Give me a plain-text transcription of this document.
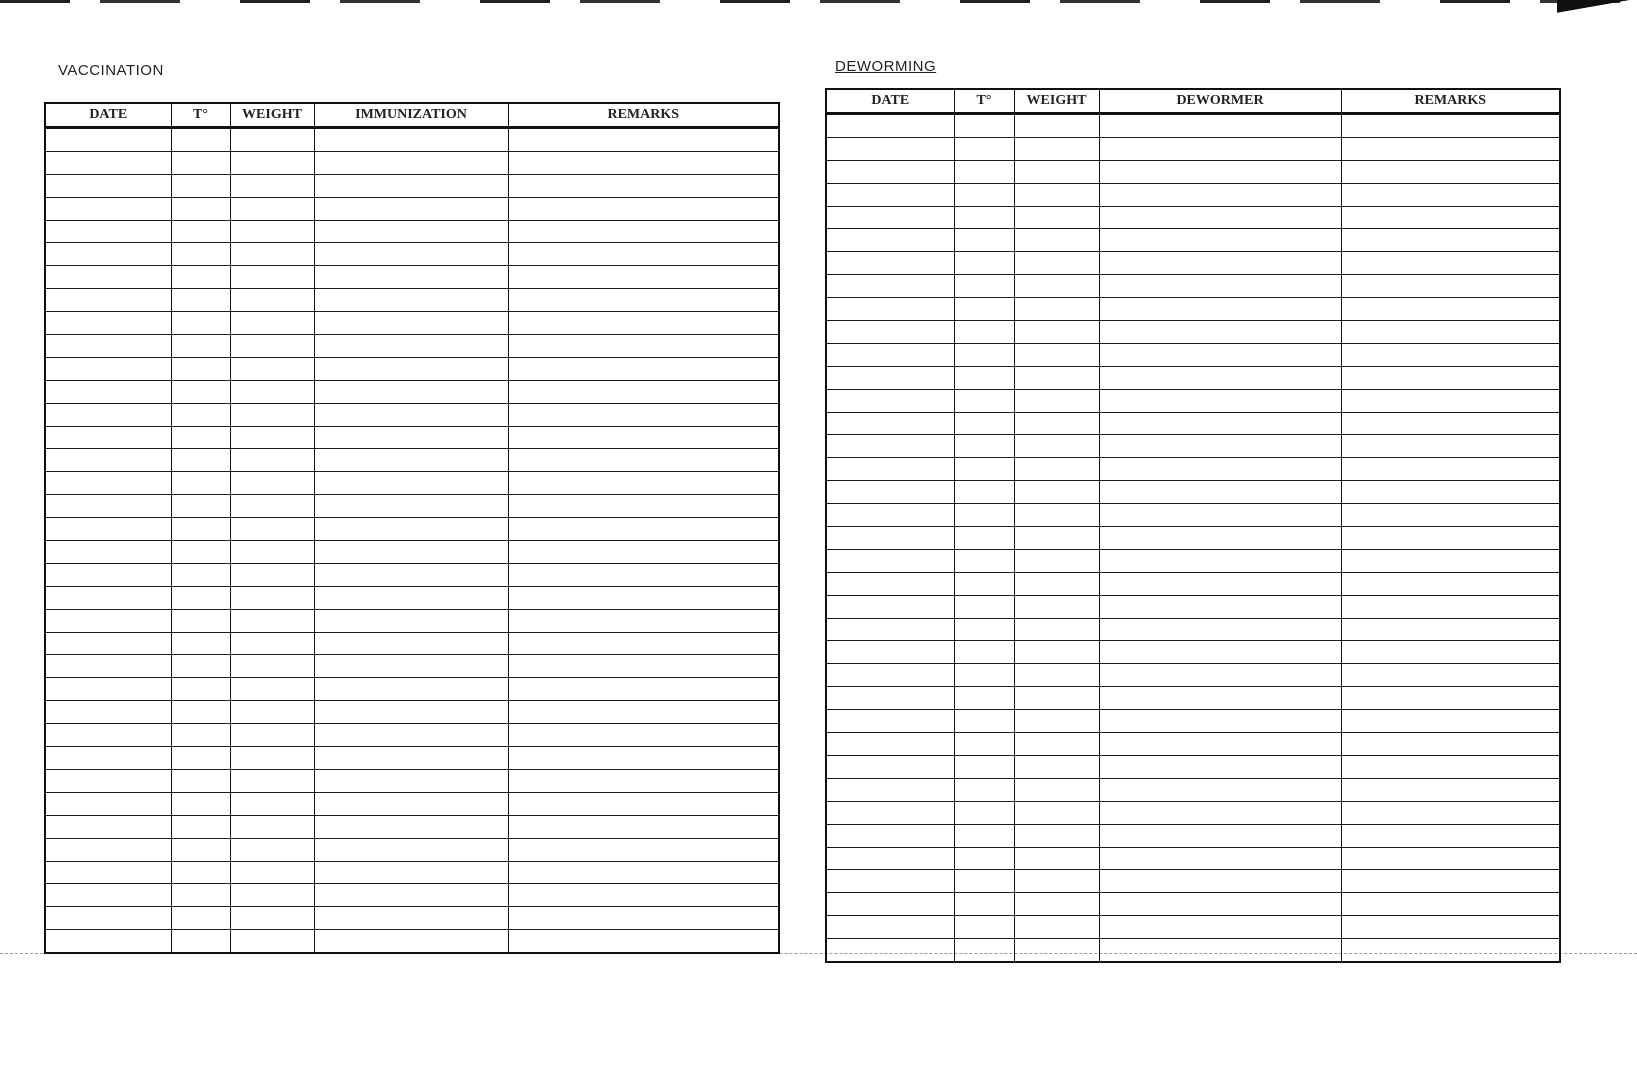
VACCINATION
DATE	T°	WEIGHT	IMMUNIZATION	REMARKS

DEWORMING
DATE	T°	WEIGHT	DEWORMER	REMARKS
